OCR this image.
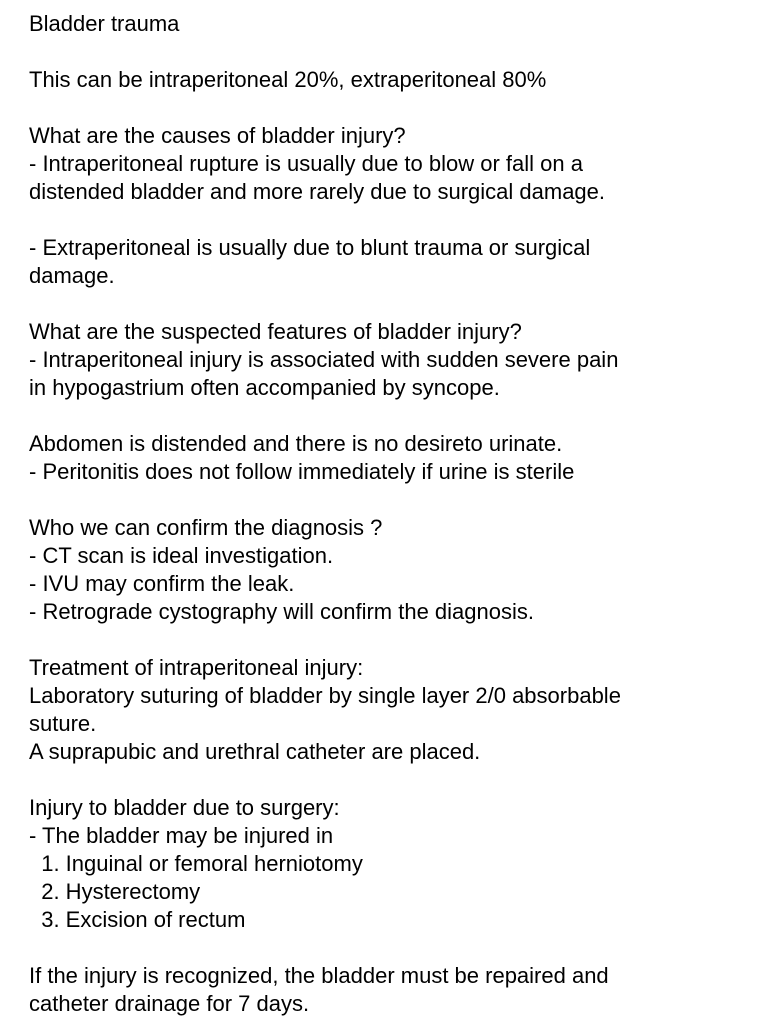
Bladder trauma
This can be intraperitoneal 20%, extraperitoneal 80%
What are the causes of bladder injury?
- Intraperitoneal rupture is usually due to blow or fall on a
distended bladder and more rarely due to surgical damage.
- Extraperitoneal is usually due to blunt trauma or surgical
damage.
What are the suspected features of bladder injury?
- Intraperitoneal injury is associated with sudden severe pain
in hypogastrium often accompanied by syncope.
Abdomen is distended and there is no desireto urinate.
- Peritonitis does not follow immediately if urine is sterile
Who we can confirm the diagnosis ?
- CT scan is ideal investigation.
- IVU may confirm the leak.
- Retrograde cystography will confirm the diagnosis.
Treatment of intraperitoneal injury:
Laboratory suturing of bladder by single layer 2/0 absorbable
suture.
A suprapubic and urethral catheter are placed.
Injury to bladder due to surgery:
- The bladder may be injured in
1. Inguinal or femoral herniotomy
2. Hysterectomy
3. Excision of rectum
If the injury is recognized, the bladder must be repaired and
catheter drainage for 7 days.
